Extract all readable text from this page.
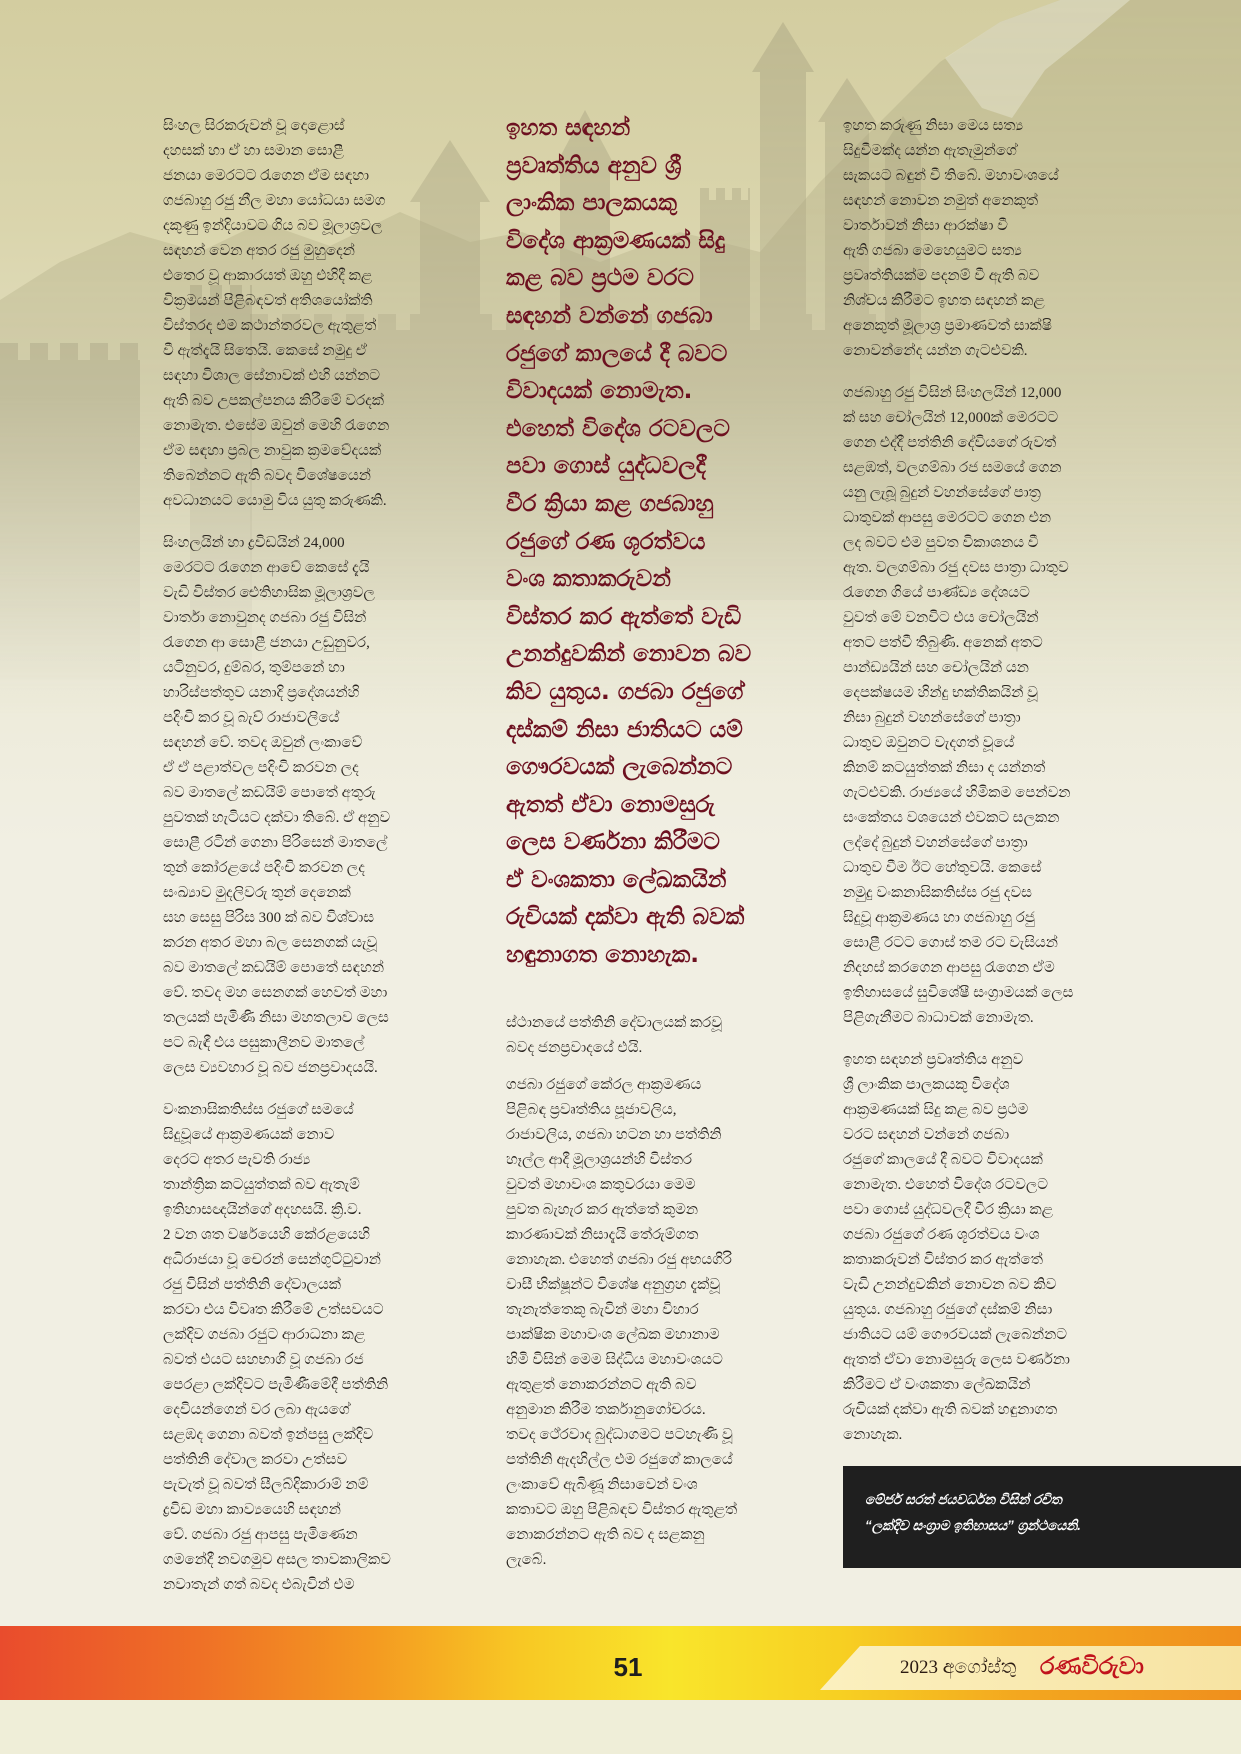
සිංහල සිරකරුවන් වූ දොළොස්
දහසක් හා ඒ හා සමාන සොළී
ජනයා මෙරටට රැගෙන ඒම සඳහා
ගජබාහු රජු නීල මහා යෝධයා සමග
දකුණු ඉන්දියාවට ගිය බව මූලාශ්‍රවල
සඳහන් වෙන අතර රජු මුහුදෙන්
එතෙර වූ ආකාරයත් ඔහු එහිදී කළ
වික්‍රමයන් පිළිබඳවත් අතිශයෝක්ති
විස්තරද එම කථාන්තරවල ඇතුළත්
වී ඇත්දැයි සිතෙයි. කෙසේ නමුදු ඒ
සඳහා විශාල සේනාවක් එහි යන්නට
ඇති බව උපකල්පනය කිරීමේ වරදක්
නොමැත. එසේම ඔවුන් මෙහි රැගෙන
ඒම සඳහා ප්‍රබල නාවුක ක්‍රමවේදයක්
තිබෙන්නට ඇති බවද විශේෂයෙන්
අවධානයට යොමු විය යුතු කරුණකි.

සිංහලයින් හා ද්‍රවිඩයින් 24,000
මෙරටට රැගෙන ආවේ කෙසේ දැයි
වැඩි විස්තර ඓතිහාසික මූලාශ්‍රවල
වාර්තා නොවුනද ගජබා රජු විසින්
රැගෙන ආ සොළී ජනයා උඩුනුවර,
යටිනුවර, දුම්බර, තුම්පනේ හා
හාරිස්පත්තුව යනාදි ප්‍රදේශයන්හි
පදිංචි කර වූ බැව් රාජාවලියේ
සඳහන් වේ. තවද ඔවුන් ලංකාවේ
ඒ ඒ පළාත්වල පදිංචි කරවන ලද
බව මාතලේ කඩයිම් පොතේ අතුරු
පුවතක් හැටියට දක්වා තිබේ. ඒ අනුව
සොළී රටින් ගෙනා පිරිසෙන් මාතලේ
තුන් කෝරළයේ පදිංචි කරවන ලද
සංඛ්‍යාව මුදලිවරු තුන් දෙනෙක්
සහ සෙසු පිරිස 300 ක් බව විශ්වාස
කරන අතර මහා බල සෙනගක් යැවූ
බව මාතලේ කඩයිම් පොතේ සඳහන්
වේ. තවද මහ සෙනගක් හෙවත් මහා
තලයක් පැමිණි නිසා මහතලාව ලෙස
පට බැඳී එය පසුකාලීනව මාතලේ
ලෙස ව්‍යවහාර වූ බව ජනප්‍රවාදයයි.

වංකනාසිකතිස්ස රජුගේ සමයේ
සිදුවූයේ ආක්‍රමණයක් නොව
දෙරට අතර පැවති රාජ්‍ය
තාන්ත්‍රික කටයුත්තක් බව ඇතැම්
ඉතිහාසඥයින්ගේ අදහසයි. ක්‍රි.ව.
2 වන ශත වර්ෂයෙහි කේරළයෙහි
අධිරාජයා වූ චෙරන් සෙන්ගුට්ටුවාන්
රජු විසින් පත්තිනි දේවාලයක්
කරවා එය විවෘත කිරීමේ උත්සවයට
ලක්දිව ගජබා රජුට ආරාධනා කළ
බවත් එයට සහභාගි වූ ගජබා රජ
පෙරළා ලක්දිවට පැමිණීමේදී පත්තිනි
දෙවියන්ගෙන් වර ලබා ඇයගේ
සළඹද ගෙනා බවත් ඉන්පසු ලක්දිව
පත්තිනි දේවාල කරවා උත්සව
පැවැත් වූ බවත් සීලබ්දිකාරාම් නම්
ද්‍රවිඩ මහා කාව්‍යයෙහි සඳහන්
වේ. ගජබා රජු ආපසු පැමිණෙන
ගමනේදී නවගමුව අසල තාවකාලිකව
නවාතැන් ගත් බවද එබැවින් එම

ඉහත සඳහන්
ප්‍රවෘත්තිය අනුව ශ්‍රී
ලාංකික පාලකයකු
විදේශ ආක්‍රමණයක් සිදු
කළ බව ප්‍රථම වරට
සඳහන් වන්නේ ගජබා
රජුගේ කාලයේ දී බවට
විවාදයක් නොමැත.
එහෙත් විදේශ රටවලට
පවා ගොස් යුද්ධවලදී
වීර ක්‍රියා කළ ගජබාහු
රජුගේ රණ ශූරත්වය
වංශ කතාකරුවන්
විස්තර කර ඇත්තේ වැඩි
උනන්දුවකින් නොවන බව
කිව යුතුය. ගජබා රජුගේ
දස්කම් නිසා ජාතියට යම්
ගෞරවයක් ලැබෙන්නට
ඇතත් ඒවා නොමසුරු
ලෙස වර්ණනා කිරීමට
ඒ වංශකතා ලේඛකයින්
රුචියක් දක්වා ඇති බවක්
හඳුනාගත නොහැක.

ස්ථානයේ පත්තිනි දේවාලයක් කරවූ
බවද ජනප්‍රවාදයේ එයි.

ගජබා රජුගේ කේරල ආක්‍රමණය
පිළිබඳ ප්‍රවෘත්තිය පූජාවලිය,
රාජාවලිය, ගජබා හටන හා පත්තිනි
හෑල්ල ආදී මූලාශ්‍රයන්හි විස්තර
වුවත් මහාවංශ කතුවරයා මෙම
පුවත බැහැර කර ඇත්තේ කුමන
කාරණාවක් නිසාදැයි තේරුම්ගත
නොහැක. එහෙත් ගජබා රජු අභයගිරි
වාසී භික්ෂූන්ට විශේෂ අනුග්‍රහ දැක්වූ
තැනැත්තෙකු බැවින් මහා විහාර
පාක්ෂික මහාවංශ ලේඛක මහානාම
හිමි විසින් මෙම සිද්ධිය මහාවංශයට
ඇතුළත් නොකරන්නට ඇති බව
අනුමාන කිරීම තර්කානුගෝචරය.
තවද ථේරවාද බුද්ධාගමට පටහැණි වූ
පත්තිනි ඇදහිල්ල එම රජුගේ කාලයේ
ලංකාවේ ඇබිණූ නිසාවෙන් වංශ
කතාවට ඔහු පිළිබඳව විස්තර ඇතුළත්
නොකරන්නට ඇති බව ද සළකනු
ලැබේ.

ඉහත කරුණු නිසා මෙය සත්‍ය
සිදුවීමක්ද යන්න ඇතැමුන්ගේ
සැකයට බඳුන් වී තිබේ. මහාවංශයේ
සඳහන් නොවන නමුත් අනෙකුත්
වාර්තාවන් නිසා ආරක්ෂා වී
ඇති ගජබා මෙහෙයුමට සත්‍ය
ප්‍රවෘත්තියක්ම පදනම් වී ඇති බව
නිශ්චය කිරීමට ඉහත සඳහන් කළ
අනෙකුත් මූලාශ්‍ර ප්‍රමාණවත් සාක්ෂි
නොවන්නේද යන්න ගැටළුවකි.

ගජබාහු රජු විසින් සිංහලයින් 12,000
ක් සහ චෝලයින් 12,000ක් මෙරටට
ගෙන එද්දී පත්තිනි දේවියගේ රුවත්
සළඹත්, වලගම්බා රජ සමයේ ගෙන
යනු ලැබූ බුදුන් වහන්සේගේ පාත්‍ර
ධාතුවක් ආපසු මෙරටට ගෙන එන
ලද බවට එම පුවත විකාශනය වී
ඇත. වලගම්බා රජු දවස පාත්‍රා ධාතුව
රැගෙන ගියේ පාණ්ඩ්‍ය දේශයට
වුවත් මේ වනවිට එය චෝලයින්
අතට පත්වී තිබුණි. අනෙක් අතට
පාන්ඩ්‍යයින් සහ චෝලයින් යන
දෙපක්ෂයම හින්දු භක්තිකයින් වූ
නිසා බුදුන් වහන්සේගේ පාත්‍රා
ධාතුව ඔවුනට වැදගත් වූයේ
කිනම් කටයුත්තක් නිසා ද යන්නත්
ගැටළුවකි. රාජ්‍යයේ හිමිකම පෙන්වන
සංකේතය වශයෙන් එවකට සලකන
ලද්දේ බුදුන් වහන්සේගේ පාත්‍රා
ධාතුව වීම ඊට හේතුවයි. කෙසේ
නමුදු වංකනාසිකතිස්ස රජු දවස
සිදුවූ ආක්‍රමණය හා ගජබාහු රජු
සොළී රටට ගොස් තම රට වැසියන්
නිදහස් කරගෙන ආපසු රැගෙන ඒම
ඉතිහාසයේ සුවිශේෂී සංග්‍රාමයක් ලෙස
පිළිගැනීමට බාධාවක් නොමැත.

ඉහත සඳහන් ප්‍රවෘත්තිය අනුව
ශ්‍රී ලාංකික පාලකයකු විදේශ
ආක්‍රමණයක් සිදු කළ බව ප්‍රථම
වරට සඳහන් වන්නේ ගජබා
රජුගේ කාලයේ දී බවට විවාදයක්
නොමැත. එහෙත් විදේශ රටවලට
පවා ගොස් යුද්ධවලදී වීර ක්‍රියා කළ
ගජබා රජුගේ රණ ශූරත්වය වංශ
කතාකරුවන් විස්තර කර ඇත්තේ
වැඩි උනන්දුවකින් නොවන බව කිව
යුතුය. ගජබාහු රජුගේ දස්කම් නිසා
ජාතියට යම් ගෞරවයක් ලැබෙන්නට
ඇතත් ඒවා නොමසුරු ලෙස වර්ණනා
කිරීමට ඒ වංශකතා ලේඛකයින්
රුචියක් දක්වා ඇති බවක් හඳුනාගත
නොහැක.

මේජර් සරත් ජයවර්ධන විසින් රචිත
“ලක්දිව සංග්‍රාම ඉතිහාසය” ග්‍රන්ථයෙනි.
51	2023 අගෝස්තු රණවිරුවා
